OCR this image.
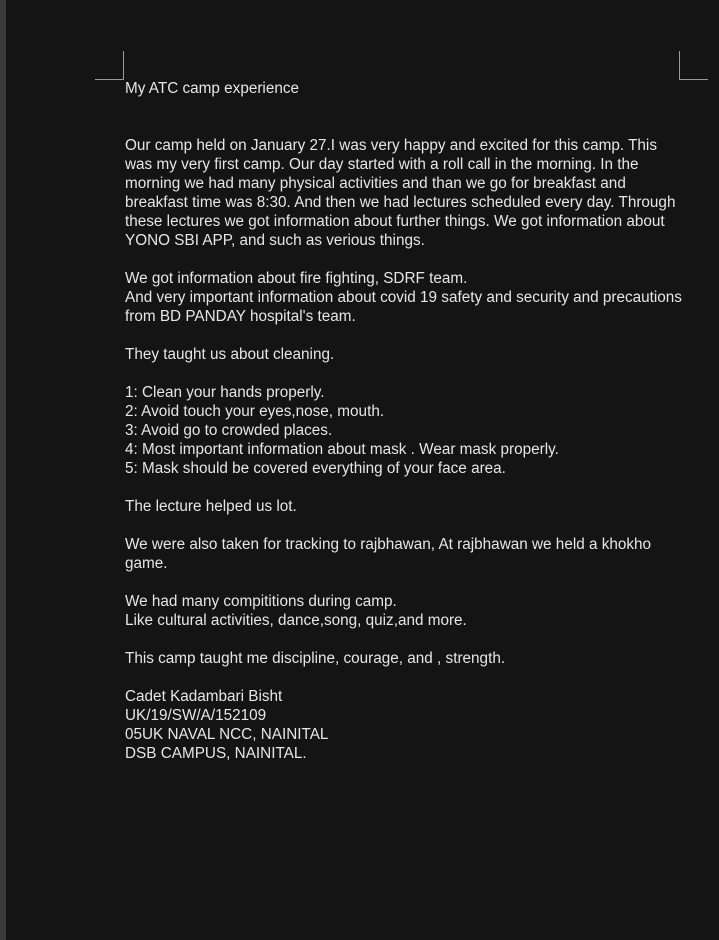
My ATC camp experience
Our camp held on January 27.I was very happy and excited for this camp. This was my very first camp. Our day started with a roll call in the morning. In the morning we had many physical activities and than we go for breakfast and breakfast time was 8:30. And then we had lectures scheduled every day. Through these lectures we got information about further things. We got information about YONO SBI APP, and such as verious things.
We got information about fire fighting, SDRF team.
And very important information about covid 19 safety and security and precautions from BD PANDAY hospital's team.
They taught us about cleaning.
1: Clean your hands properly.
2: Avoid touch your eyes,nose, mouth.
3: Avoid go to crowded places.
4: Most important information about mask . Wear mask properly.
5: Mask should be covered everything of your face area.
The lecture helped us lot.
We were also taken for tracking to rajbhawan, At rajbhawan we held a khokho game.
We had many compititions during camp.
Like cultural activities, dance,song, quiz,and more.
This camp taught me discipline, courage, and , strength.
Cadet Kadambari Bisht
UK/19/SW/A/152109
05UK NAVAL NCC, NAINITAL
DSB CAMPUS, NAINITAL.
